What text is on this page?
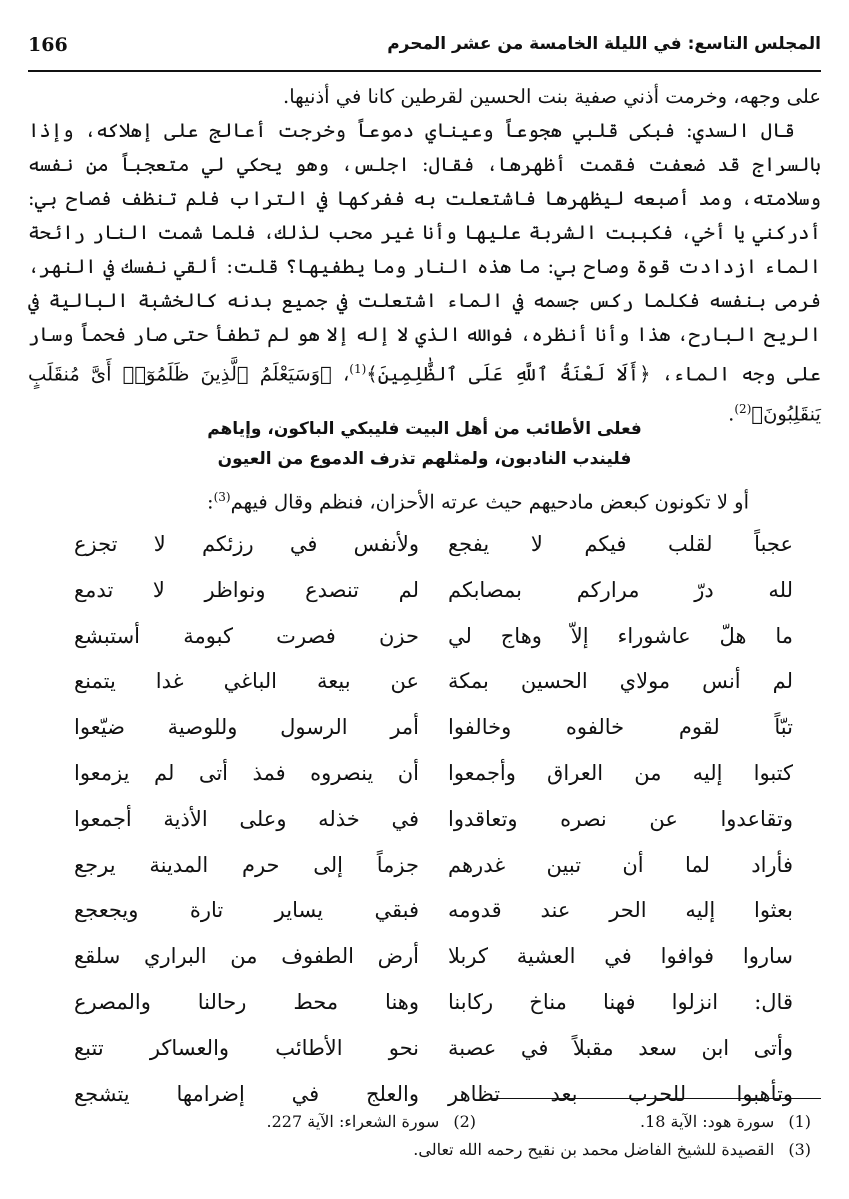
المجلس التاسع: في الليلة الخامسة من عشر المحرم
166

على وجهه، وخرمت أذني صفية بنت الحسين لقرطين كانا في أذنيها.

قال السدي: فبكى قلبي هجوعاً وعيناي دموعاً وخرجت أعالج على إهلاكه، وإذا بالسراج قد ضعفت فقمت أظهرها، فقال: اجلس، وهو يحكي لي متعجباً من نفسه وسلامته، ومد أصبعه ليظهرها فاشتعلت به ففركها في التراب فلم تنظف فصاح بي: أدركني يا أخي، فكببت الشربة عليها وأنا غير محب لذلك، فلما شمت النار رائحة الماء ازدادت قوة وصاح بي: ما هذه النار وما يطفيها؟ قلت: ألقي نفسك في النهر، فرمى بنفسه فكلما ركس جسمه في الماء اشتعلت في جميع بدنه كالخشبة البالية في الريح البارح، هذا وأنا أنظره، فوالله الذي لا إله إلا هو لم تطفأ حتى صار فحماً وسار على وجه الماء، ﴿أَلَا لَعْنَةُ ٱللَّهِ عَلَى ٱلظَّٰلِمِينَ﴾$^{(1)}$، ﴿وَسَيَعْلَمُ ٱلَّذِينَ ظَلَمُوٓا۟ أَىَّ مُنقَلَبٍ يَنقَلِبُونَ﴾$^{(2)}$.

فعلى الأطائب من أهل البيت فليبكي الباكون، وإياهم
فليندب النادبون، ولمثلهم تذرف الدموع من العيون
أو لا تكونون كبعض مادحيهم حيث عرته الأحزان، فنظم وقال فيهم$^{(3)}$:
عجباً لقلب فيكم لا يفجع
ولأنفس في رزئكم لا تجزع
لله درّ مراركم بمصابكم
لم تنصدع ونواظر لا تدمع
ما هلّ عاشوراء إلاّ وهاج لي
حزن فصرت كبومة أستبشع
لم أنس مولاي الحسين بمكة
عن بيعة الباغي غدا يتمنع
تبّاً لقوم خالفوه وخالفوا
أمر الرسول وللوصية ضيّعوا
كتبوا إليه من العراق وأجمعوا
أن ينصروه فمذ أتى لم يزمعوا
وتقاعدوا عن نصره وتعاقدوا
في خذله وعلى الأذية أجمعوا
فأراد لما أن تبين غدرهم
جزماً إلى حرم المدينة يرجع
بعثوا إليه الحر عند قدومه
فبقي يساير تارة ويجعجع
ساروا فوافوا في العشية كربلا
أرض الطفوف من البراري سلقع
قال: انزلوا فهنا مناخ ركابنا
وهنا محط رحالنا والمصرع
وأتى ابن سعد مقبلاً في عصبة
نحو الأطائب والعساكر تتبع
وتأهبوا للحرب بعد تظاهر
والعلج في إضرامها يتشجع
(1)سورة هود: الآية 18.
(2)سورة الشعراء: الآية 227.
(3)القصيدة للشيخ الفاضل محمد بن نقيح رحمه الله تعالى.
